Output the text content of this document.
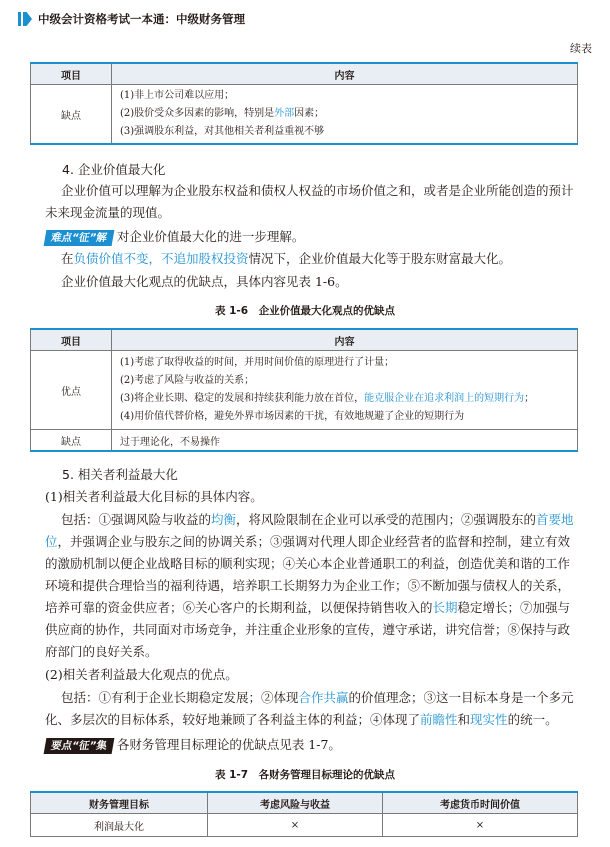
中级会计资格考试一本通：中级财务管理
续表
项目	内容
缺点	(1)非上市公司难以应用；
(2)股价受众多因素的影响，特别是外部因素；
(3)强调股东利益，对其他相关者利益重视不够
4. 企业价值最大化
企业价值可以理解为企业股东权益和债权人权益的市场价值之和，或者是企业所能创造的预计未来现金流量的现值。
难点“征”解 对企业价值最大化的进一步理解。
在负债价值不变，不追加股权投资情况下，企业价值最大化等于股东财富最大化。
企业价值最大化观点的优缺点，具体内容见表 1-6。
表 1-6　企业价值最大化观点的优缺点
项目	内容
优点	(1)考虑了取得收益的时间，并用时间价值的原理进行了计量；
(2)考虑了风险与收益的关系；
(3)将企业长期、稳定的发展和持续获利能力放在首位，能克服企业在追求利润上的短期行为；
(4)用价值代替价格，避免外界市场因素的干扰，有效地规避了企业的短期行为

缺点	过于理论化，不易操作
5. 相关者利益最大化
(1)相关者利益最大化目标的具体内容。
包括：①强调风险与收益的均衡，将风险限制在企业可以承受的范围内；②强调股东的首要地位，并强调企业与股东之间的协调关系；③强调对代理人即企业经营者的监督和控制，建立有效的激励机制以便企业战略目标的顺利实现；④关心本企业普通职工的利益，创造优美和谐的工作环境和提供合理恰当的福利待遇，培养职工长期努力为企业工作；⑤不断加强与债权人的关系，培养可靠的资金供应者；⑥关心客户的长期利益，以便保持销售收入的长期稳定增长；⑦加强与供应商的协作，共同面对市场竞争，并注重企业形象的宣传，遵守承诺，讲究信誉；⑧保持与政府部门的良好关系。
(2)相关者利益最大化观点的优点。
包括：①有利于企业长期稳定发展；②体现合作共赢的价值理念；③这一目标本身是一个多元化、多层次的目标体系，较好地兼顾了各利益主体的利益；④体现了前瞻性和现实性的统一。
要点“征”集 各财务管理目标理论的优缺点见表 1-7。
表 1-7　各财务管理目标理论的优缺点
财务管理目标	考虑风险与收益	考虑货币时间价值
利润最大化	×	×
